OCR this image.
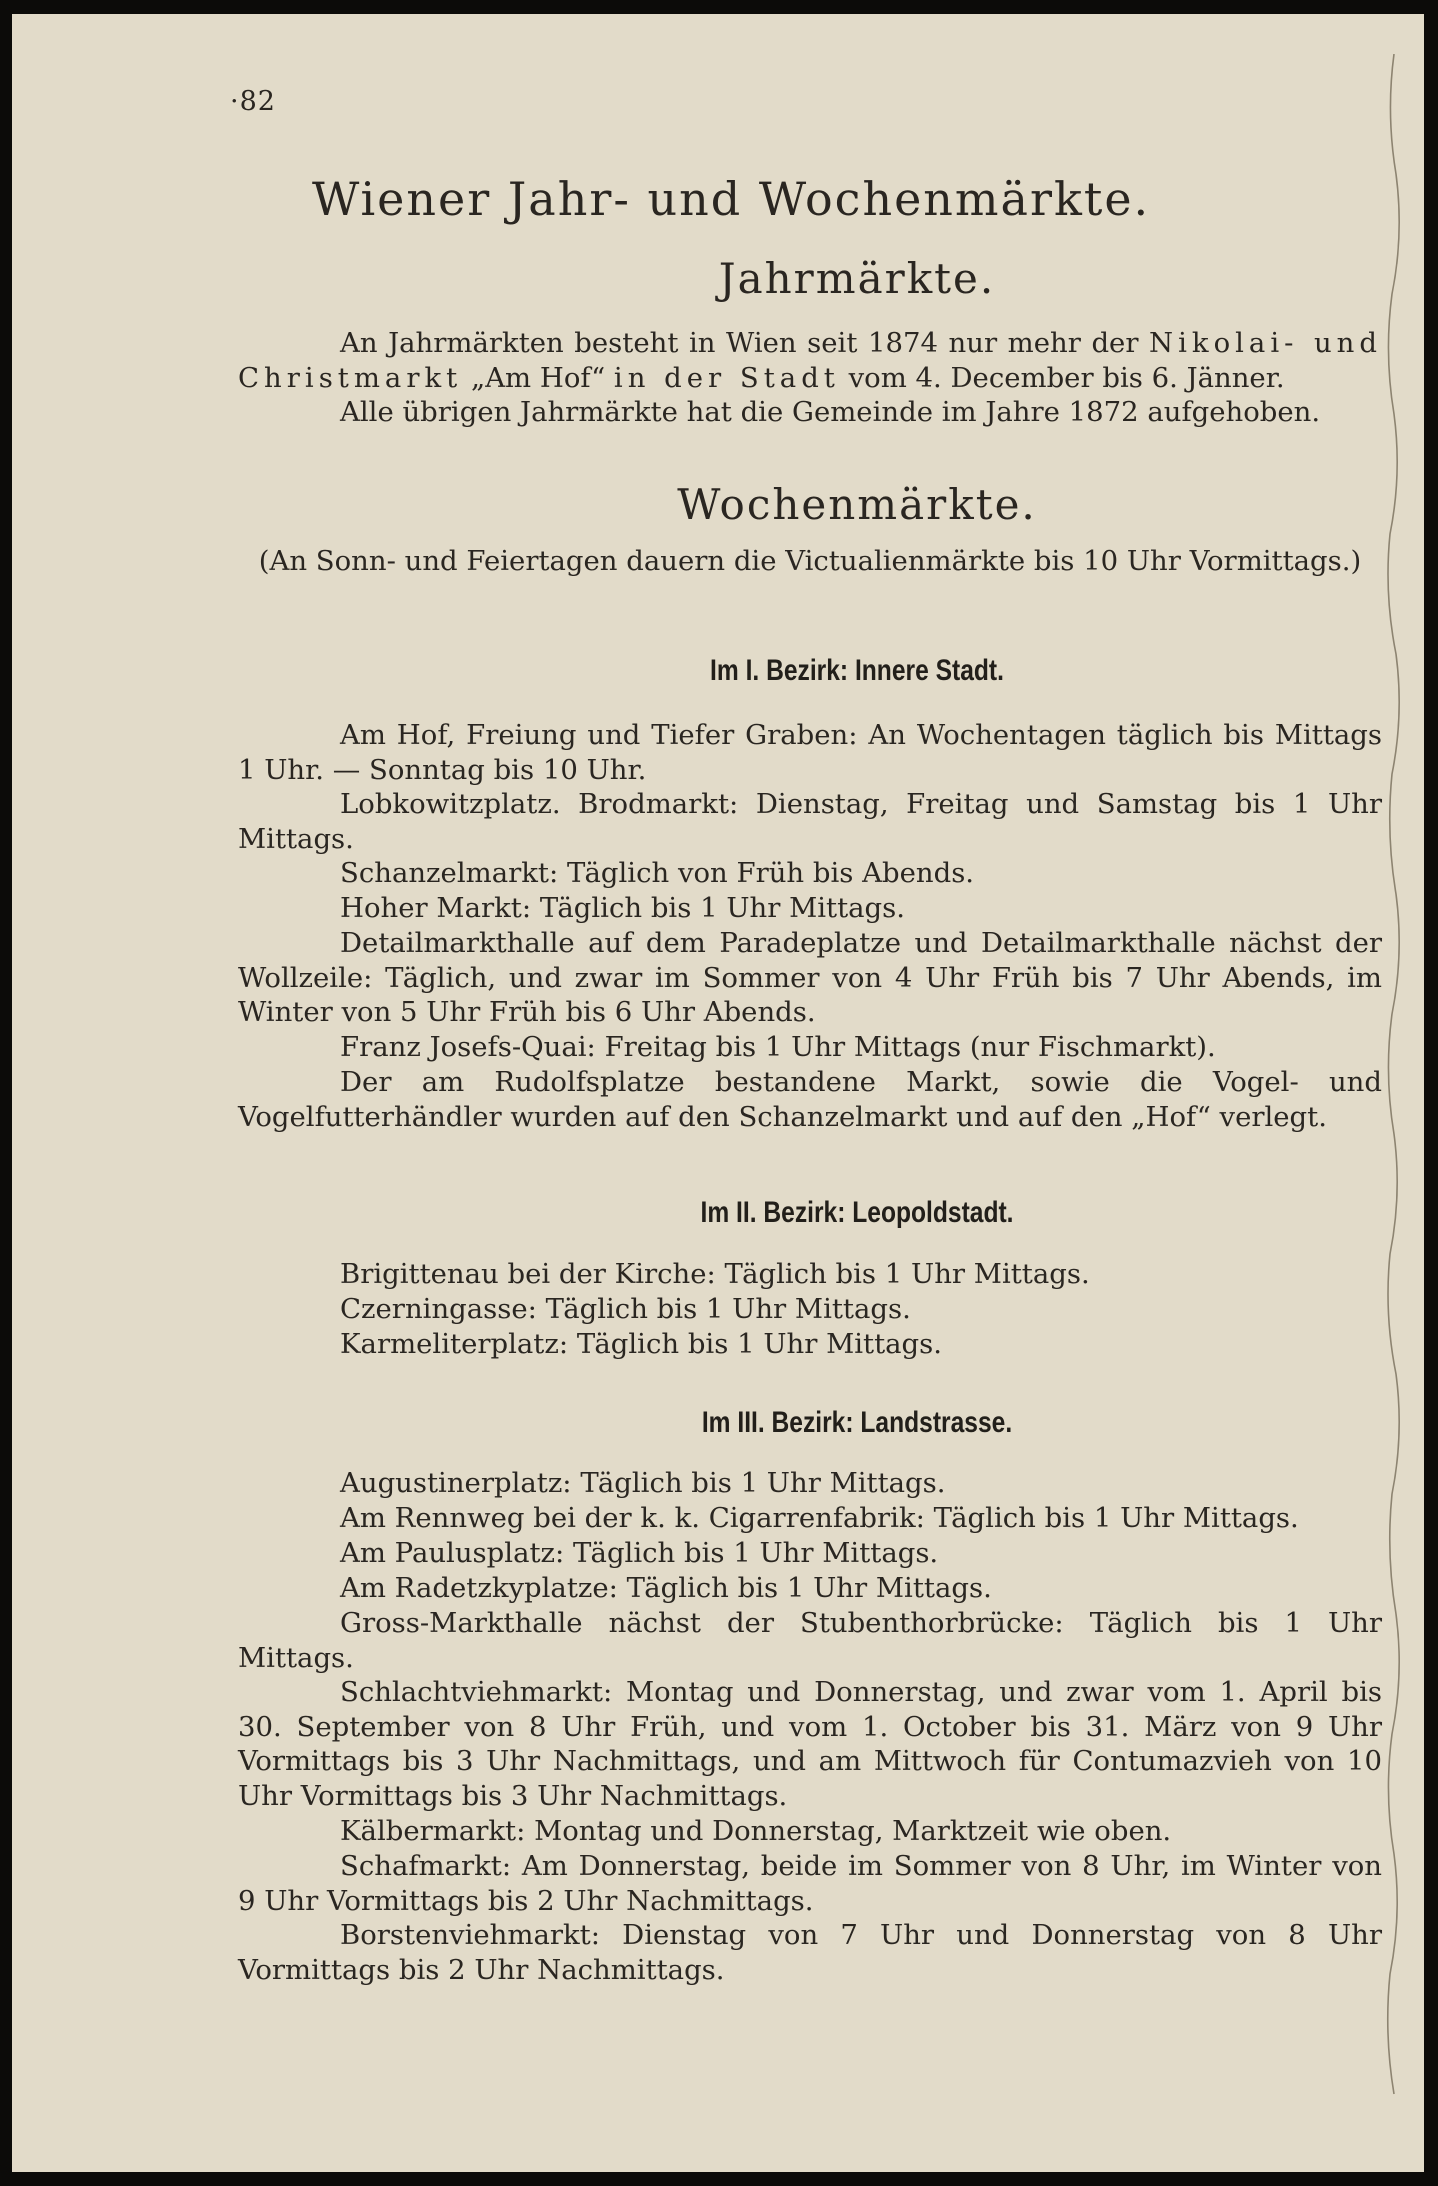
·82
Wiener Jahr- und Wochenmärkte.
Jahrmärkte.
An Jahrmärkten besteht in Wien seit 1874 nur mehr der Nikolai- und Christmarkt „Am Hof“ in der Stadt vom 4. December bis 6. Jänner.
Alle übrigen Jahrmärkte hat die Gemeinde im Jahre 1872 aufgehoben.
Wochenmärkte.
(An Sonn- und Feiertagen dauern die Victualienmärkte bis 10 Uhr Vormittags.)
Im I. Bezirk: Innere Stadt.
Am Hof, Freiung und Tiefer Graben: An Wochentagen täglich bis Mittags 1 Uhr. — Sonntag bis 10 Uhr.
Lobkowitzplatz. Brodmarkt: Dienstag, Freitag und Samstag bis 1 Uhr Mittags.
Schanzelmarkt: Täglich von Früh bis Abends.
Hoher Markt: Täglich bis 1 Uhr Mittags.
Detailmarkthalle auf dem Paradeplatze und Detailmarkthalle nächst der Wollzeile: Täglich, und zwar im Sommer von 4 Uhr Früh bis 7 Uhr Abends, im Winter von 5 Uhr Früh bis 6 Uhr Abends.
Franz Josefs-Quai: Freitag bis 1 Uhr Mittags (nur Fischmarkt).
Der am Rudolfsplatze bestandene Markt, sowie die Vogel- und Vogelfutterhändler wurden auf den Schanzelmarkt und auf den „Hof“ verlegt.
Im II. Bezirk: Leopoldstadt.
Brigittenau bei der Kirche: Täglich bis 1 Uhr Mittags.
Czerningasse: Täglich bis 1 Uhr Mittags.
Karmeliterplatz: Täglich bis 1 Uhr Mittags.
Im III. Bezirk: Landstrasse.
Augustinerplatz: Täglich bis 1 Uhr Mittags.
Am Rennweg bei der k. k. Cigarrenfabrik: Täglich bis 1 Uhr Mittags.
Am Paulusplatz: Täglich bis 1 Uhr Mittags.
Am Radetzkyplatze: Täglich bis 1 Uhr Mittags.
Gross-Markthalle nächst der Stubenthorbrücke: Täglich bis 1 Uhr Mittags.
Schlachtviehmarkt: Montag und Donnerstag, und zwar vom 1. April bis 30. September von 8 Uhr Früh, und vom 1. October bis 31. März von 9 Uhr Vormittags bis 3 Uhr Nachmittags, und am Mittwoch für Contumazvieh von 10 Uhr Vormittags bis 3 Uhr Nachmittags.
Kälbermarkt: Montag und Donnerstag, Marktzeit wie oben.
Schafmarkt: Am Donnerstag, beide im Sommer von 8 Uhr, im Winter von 9 Uhr Vormittags bis 2 Uhr Nachmittags.
Borstenviehmarkt: Dienstag von 7 Uhr und Donnerstag von 8 Uhr Vormittags bis 2 Uhr Nachmittags.
